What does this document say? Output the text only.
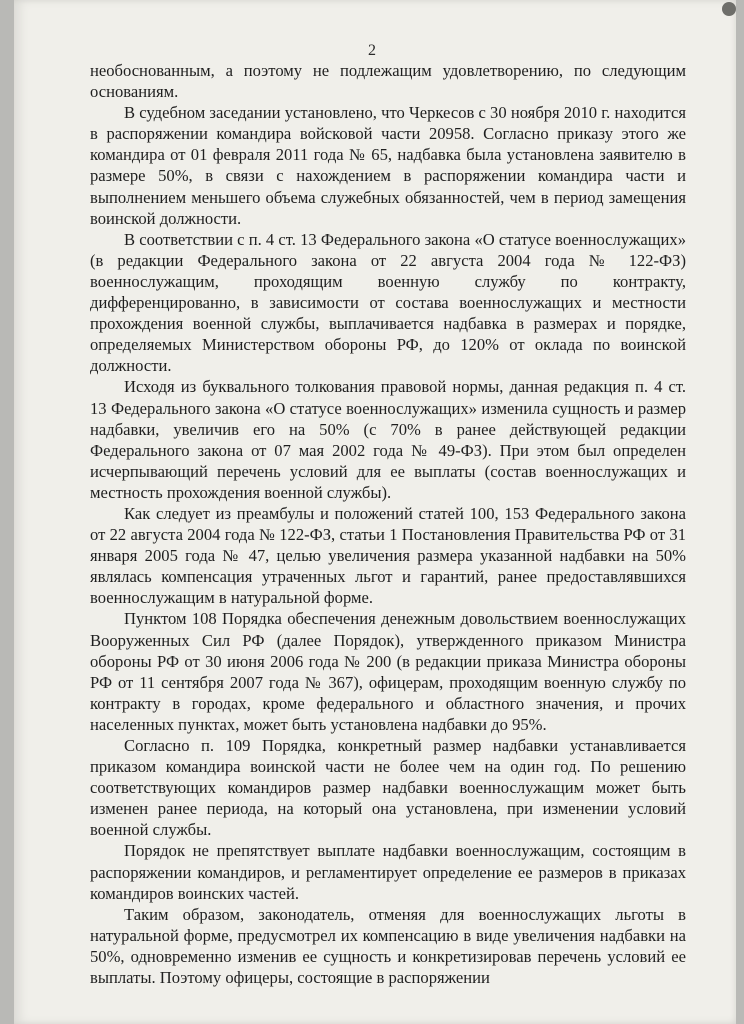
2

необоснованным, а поэтому не подлежащим удовлетворению, по следующим основаниям.

В судебном заседании установлено, что Черкесов с 30 ноября 2010 г. находится в распоряжении командира войсковой части 20958. Согласно приказу этого же командира от 01 февраля 2011 года № 65, надбавка была установлена заявителю в размере 50%, в связи с нахождением в распоряжении командира части и выполнением меньшего объема служебных обязанностей, чем в период замещения воинской должности.

В соответствии с п. 4 ст. 13 Федерального закона «О статусе военнослужащих» (в редакции Федерального закона от 22 августа 2004 года № 122-ФЗ) военнослужащим, проходящим военную службу по контракту, дифференцированно, в зависимости от состава военнослужащих и местности прохождения военной службы, выплачивается надбавка в размерах и порядке, определяемых Министерством обороны РФ, до 120% от оклада по воинской должности.

Исходя из буквального толкования правовой нормы, данная редакция п. 4 ст. 13 Федерального закона «О статусе военнослужащих» изменила сущность и размер надбавки, увеличив его на 50% (с 70% в ранее действующей редакции Федерального закона от 07 мая 2002 года № 49-ФЗ). При этом был определен исчерпывающий перечень условий для ее выплаты (состав военнослужащих и местность прохождения военной службы).

Как следует из преамбулы и положений статей 100, 153 Федерального закона от 22 августа 2004 года № 122-ФЗ, статьи 1 Постановления Правительства РФ от 31 января 2005 года № 47, целью увеличения размера указанной надбавки на 50% являлась компенсация утраченных льгот и гарантий, ранее предоставлявшихся военнослужащим в натуральной форме.

Пунктом 108 Порядка обеспечения денежным довольствием военнослужащих Вооруженных Сил РФ (далее Порядок), утвержденного приказом Министра обороны РФ от 30 июня 2006 года № 200 (в редакции приказа Министра обороны РФ от 11 сентября 2007 года № 367), офицерам, проходящим военную службу по контракту в городах, кроме федерального и областного значения, и прочих населенных пунктах, может быть установлена надбавки до 95%.

Согласно п. 109 Порядка, конкретный размер надбавки устанавливается приказом командира воинской части не более чем на один год. По решению соответствующих командиров размер надбавки военнослужащим может быть изменен ранее периода, на который она установлена, при изменении условий военной службы.

Порядок не препятствует выплате надбавки военнослужащим, состоящим в распоряжении командиров, и регламентирует определение ее размеров в приказах командиров воинских частей.

Таким образом, законодатель, отменяя для военнослужащих льготы в натуральной форме, предусмотрел их компенсацию в виде увеличения надбавки на 50%, одновременно изменив ее сущность и конкретизировав перечень условий ее выплаты. Поэтому офицеры, состоящие в распоряжении
